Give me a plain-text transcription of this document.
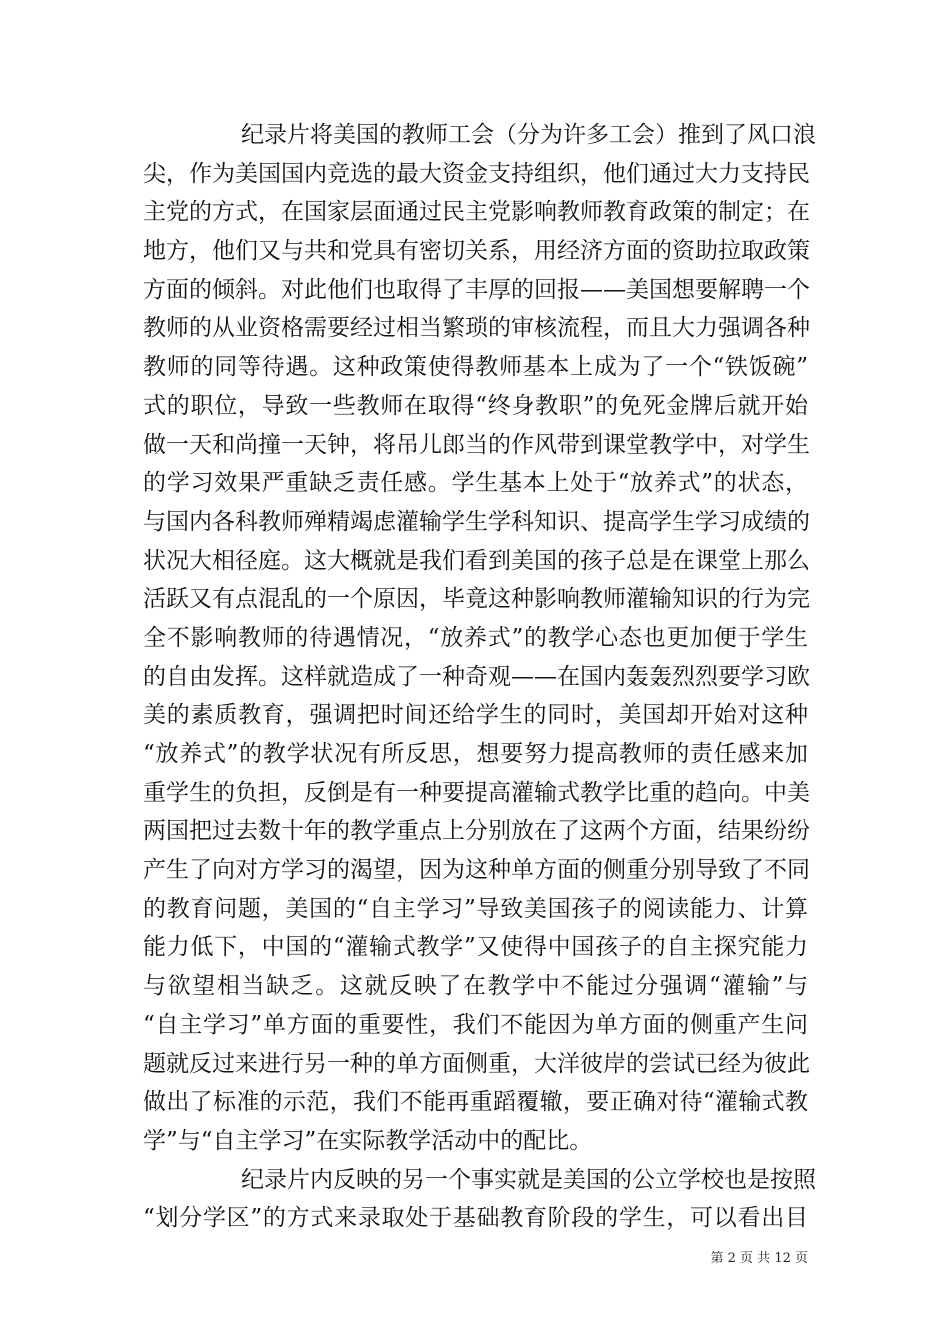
纪录片将美国的教师工会（分为许多工会）推到了风口浪
尖，作为美国国内竞选的最大资金支持组织，他们通过大力支持民
主党的方式，在国家层面通过民主党影响教师教育政策的制定；在
地方，他们又与共和党具有密切关系，用经济方面的资助拉取政策
方面的倾斜。对此他们也取得了丰厚的回报——美国想要解聘一个
教师的从业资格需要经过相当繁琐的审核流程，而且大力强调各种
教师的同等待遇。这种政策使得教师基本上成为了一个“铁饭碗”
式的职位，导致一些教师在取得“终身教职”的免死金牌后就开始
做一天和尚撞一天钟，将吊儿郎当的作风带到课堂教学中，对学生
的学习效果严重缺乏责任感。学生基本上处于“放养式”的状态，
与国内各科教师殚精竭虑灌输学生学科知识、提高学生学习成绩的
状况大相径庭。这大概就是我们看到美国的孩子总是在课堂上那么
活跃又有点混乱的一个原因，毕竟这种影响教师灌输知识的行为完
全不影响教师的待遇情况，“放养式”的教学心态也更加便于学生
的自由发挥。这样就造成了一种奇观——在国内轰轰烈烈要学习欧
美的素质教育，强调把时间还给学生的同时，美国却开始对这种
“放养式”的教学状况有所反思，想要努力提高教师的责任感来加
重学生的负担，反倒是有一种要提高灌输式教学比重的趋向。中美
两国把过去数十年的教学重点上分别放在了这两个方面，结果纷纷
产生了向对方学习的渴望，因为这种单方面的侧重分别导致了不同
的教育问题，美国的“自主学习”导致美国孩子的阅读能力、计算
能力低下，中国的“灌输式教学”又使得中国孩子的自主探究能力
与欲望相当缺乏。这就反映了在教学中不能过分强调“灌输”与
“自主学习”单方面的重要性，我们不能因为单方面的侧重产生问
题就反过来进行另一种的单方面侧重，大洋彼岸的尝试已经为彼此
做出了标准的示范，我们不能再重蹈覆辙，要正确对待“灌输式教
学”与“自主学习”在实际教学活动中的配比。
纪录片内反映的另一个事实就是美国的公立学校也是按照
“划分学区”的方式来录取处于基础教育阶段的学生，可以看出目
第 2 页 共 12 页
